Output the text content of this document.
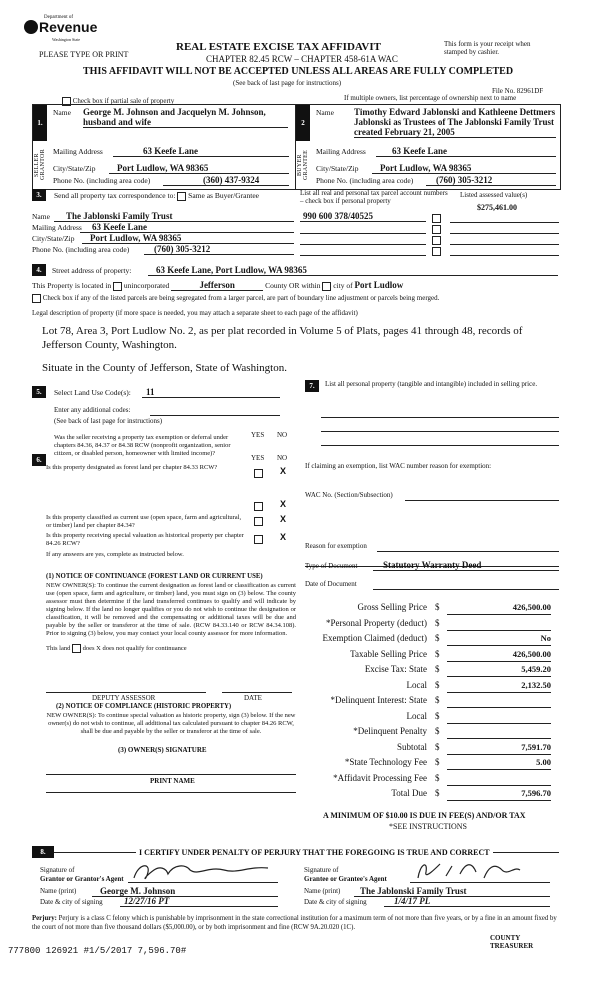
Department of
Revenue
Washington State
PLEASE TYPE OR PRINT
REAL ESTATE EXCISE TAX AFFIDAVIT
CHAPTER 82.45 RCW – CHAPTER 458-61A WAC
THIS AFFIDAVIT WILL NOT BE ACCEPTED UNLESS ALL AREAS ARE FULLY COMPLETED
(See back of last page for instructions)
This form is your receipt when stamped by cashier.
File No. 82961DF
Check box if partial sale of property	If multiple owners, list percentage of ownership next to name
1.
SELLER GRANTOR
Name George M. Johnson and Jacquelyn M. Johnson, husband and wife
Mailing Address	63 Keefe Lane
City/State/Zip	Port Ludlow, WA 98365
Phone No. (including area code)	(360) 437-9324
2
BUYER GRANTEE
Name Timothy Edward Jablonski and Kathleene Dettmers Jablonski as Trustees of The Jablonski Family Trust created February 21, 2005
Mailing Address	63 Keefe Lane
City/State/Zip	Port Ludlow, WA 98365
Phone No. (including area code)	(760) 305-3212
3.	Send all property tax correspondence to: Same as Buyer/Grantee
Name	The Jablonski Family Trust
Mailing Address	63 Keefe Lane
City/State/Zip	Port Ludlow, WA 98365
Phone No. (including area code)	(760) 305-3212
List all real and personal tax parcel account numbers – check box if personal property
Listed assessed value(s)
$275,461.00
990 600 378/40525
4.	Street address of property:	63 Keefe Lane, Port Ludlow, WA 98365
This Property is located in unincorporated	Jefferson	County OR within city of Port Ludlow
Check box if any of the listed parcels are being segregated from a larger parcel, are part of boundary line adjustment or parcels being merged.
Legal description of property (if more space is needed, you may attach a separate sheet to each page of the affidavit)
Lot 78, Area 3, Port Ludlow No. 2, as per plat recorded in Volume 5 of Plats, pages 41 through 48, records of Jefferson County, Washington.
Situate in the County of Jefferson, State of Washington.
5.	Select Land Use Code(s):	11
Enter any additional codes:
(See back of last page for instructions)
YES NO
Was the seller receiving a property tax exemption or deferral under chapters 84.36, 84.37 or 84.38 RCW (nonprofit organization, senior citizen, or disabled person, homeowner with limited income)?
X
6.	YES NO
Is this property designated as forest land per chapter 84.33 RCW?
X
Is this property classified as current use (open space, farm and agricultural, or timber) land per chapter 84.34?
X
Is this property receiving special valuation as historical property per chapter 84.26 RCW?
X
If any answers are yes, complete as instructed below.
(1) NOTICE OF CONTINUANCE (FOREST LAND OR CURRENT USE)
NEW OWNER(S): To continue the current designation as forest land or classification as current use (open space, farm and agriculture, or timber) land, you must sign on (3) below. The county assessor must then determine if the land transferred continues to qualify and will indicate by signing below. If the land no longer qualifies or you do not wish to continue the designation or classification, it will be removed and the compensating or additional taxes will be due and payable by the seller or transferor at the time of sale. (RCW 84.33.140 or RCW 84.34.108). Prior to signing (3) below, you may contact your local county assessor for more information.
This land does X does not qualify for continuance
DEPUTY ASSESSOR	DATE
(2) NOTICE OF COMPLIANCE (HISTORIC PROPERTY)
NEW OWNER(S): To continue special valuation as historic property, sign (3) below. If the new owner(s) do not wish to continue, all additional tax calculated pursuant to chapter 84.26 RCW, shall be due and payable by the seller or transferor at the time of sale.
(3) OWNER(S) SIGNATURE
PRINT NAME
7.	List all personal property (tangible and intangible) included in selling price.
If claiming an exemption, list WAC number reason for exemption:
WAC No. (Section/Subsection)
Reason for exemption
Type of Document	Statutory Warranty Deed
Date of Document
Gross Selling Price $	426,500.00
*Personal Property (deduct) $
Exemption Claimed (deduct) $	No
Taxable Selling Price $	426,500.00
Excise Tax: State $	5,459.20
Local $	2,132.50
*Delinquent Interest: State $
Local $
*Delinquent Penalty $
Subtotal $	7,591.70
*State Technology Fee $	5.00
*Affidavit Processing Fee $
Total Due $	7,596.70
A MINIMUM OF $10.00 IS DUE IN FEE(S) AND/OR TAX
*SEE INSTRUCTIONS
8.	I CERTIFY UNDER PENALTY OF PERJURY THAT THE FOREGOING IS TRUE AND CORRECT
Signature of
Grantor or Grantor's Agent
Name (print)	George M. Johnson
Date & city of signing	12/27/16 PT
Signature of
Grantee or Grantee's Agent
Name (print)	The Jablonski Family Trust
Date & city of signing	1/4/17 PL
Perjury: Perjury is a class C felony which is punishable by imprisonment in the state correctional institution for a maximum term of not more than five years, or by a fine in an amount fixed by the court of not more than five thousand dollars ($5,000.00), or by both imprisonment and fine (RCW 9A.20.020 (1C).
COUNTY TREASURER
777800 126921 #1/5/2017 7,596.70#
